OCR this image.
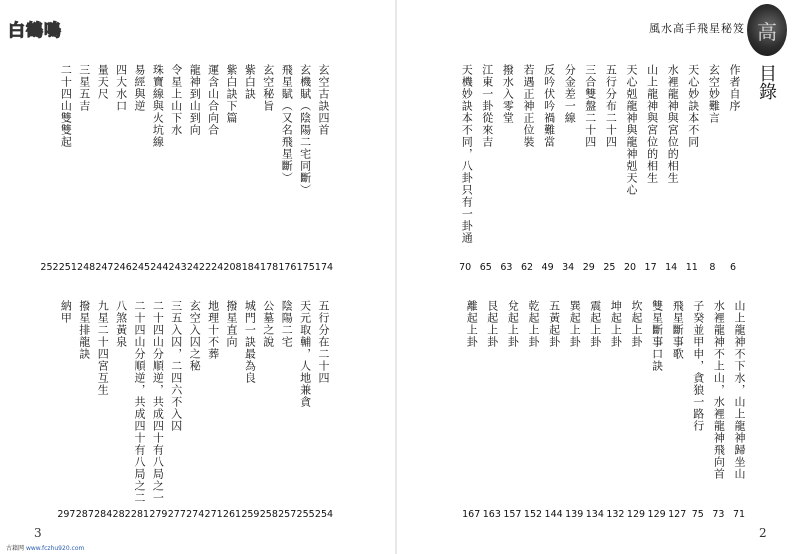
白鶴鳴
玄空古訣四首
玄機賦（陰陽二宅同斷）
飛星賦（又名飛星斷）
玄空秘旨
紫白訣
紫白訣下篇
運含山合向合
龍神到山到向
令星上山下水
珠寶線與火坑線
易經與逆
四大水口
量天尺
三星五吉
二十四山雙雙起
174
175
176
178
184
208
224
242
243
244
245
246
247
248
251
252
五行分在二十四
天元取輔，人地兼貪
陰陽二宅
公墓之說
城門一訣最為良
撥星直向
地理十不葬
玄空入囚之秘
三五入囚，二四六不入囚
二十四山分順逆，共成四十有八局之一
二十四山分順逆，共成四十有八局之二
八煞黃泉
九星二十四宮互生
撥星排龍訣
納甲
254
255
257
258
259
261
271
274
277
279
281
282
284
287
297
3
古籍网 www.fczhu920.com
風水高手飛星秘笈 高
目錄
作者自序
玄空妙難言
天心妙訣本不同
水裡龍神與宮位的相生
山上龍神與宮位的相生
天心剋龍神與龍神剋天心
五行分布二十四
三合雙盤二十四
分金差一線
反吟伏吟禍難當
若遇正神正位裝
撥水入零堂
江東一卦從來吉
天機妙訣本不同，八卦只有一卦通
6
8
11
14
17
20
25
29
34
49
62
63
65
70
山上龍神不下水，山上龍神歸坐山
水裡龍神不上山，水裡龍神飛向首
子癸並甲申，貪狼一路行
飛星斷事歌
雙星斷事口訣
坎起上卦
坤起上卦
震起上卦
巽起上卦
五黃起卦
乾起上卦
兌起上卦
艮起上卦
離起上卦
71
73
75
127
129
129
132
134
139
144
152
157
163
167
2
